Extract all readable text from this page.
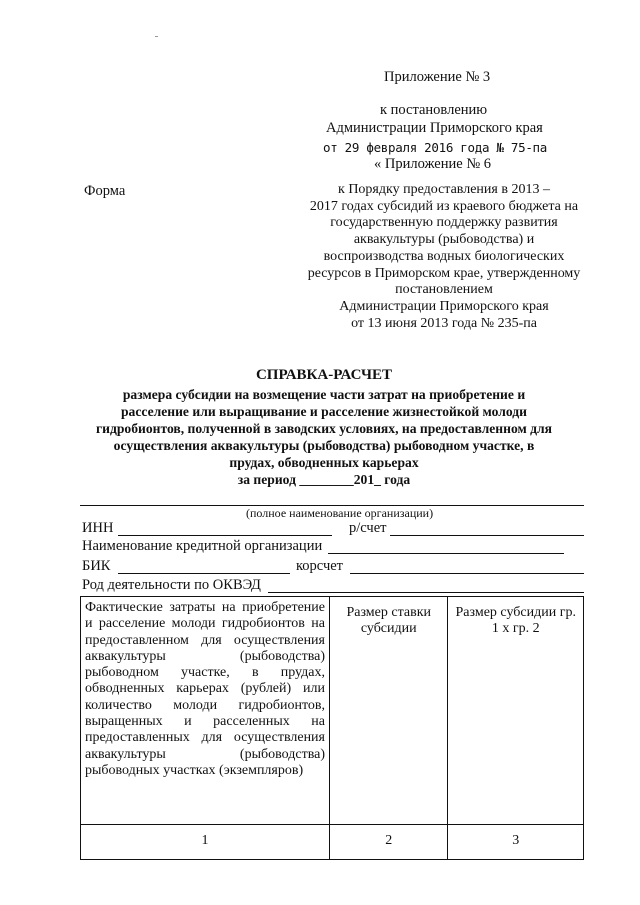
Приложение № 3
к постановлению
Администрации Приморского края
от 29 февраля 2016 года № 75-па
« Приложение № 6
Форма	к Порядку предоставления в 2013 –
2017 годах субсидий из краевого бюджета на
государственную поддержку развития
аквакультуры (рыбоводства) и
воспроизводства водных биологических
ресурсов в Приморском крае, утвержденному
постановлением
Администрации Приморского края
от 13 июня 2013 года № 235-па
СПРАВКА-РАСЧЕТ
размера субсидии на возмещение части затрат на приобретение и
расселение или выращивание и расселение жизнестойкой молоди
гидробионтов, полученной в заводских условиях, на предоставленном для
осуществления аквакультуры (рыбоводства) рыбоводном участке, в
прудах, обводненных карьерах
за период ________201_ года
(полное наименование организации)
ИНН	р/счет
Наименование кредитной организации
БИК	корсчет
Род деятельности по ОКВЭД
Фактические затраты на приобретение и расселение молоди гидробионтов на предоставленном для осуществления аквакультуры (рыбоводства) рыбоводном участке, в прудах, обводненных карьерах (рублей) или количество молоди гидробионтов, выращенных и расселенных на предоставленных для осуществления аквакультуры (рыбоводства) рыбоводных участках (экземпляров)	Размер ставки субсидии	Размер субсидии гр. 1 х гр. 2
1	2	3
